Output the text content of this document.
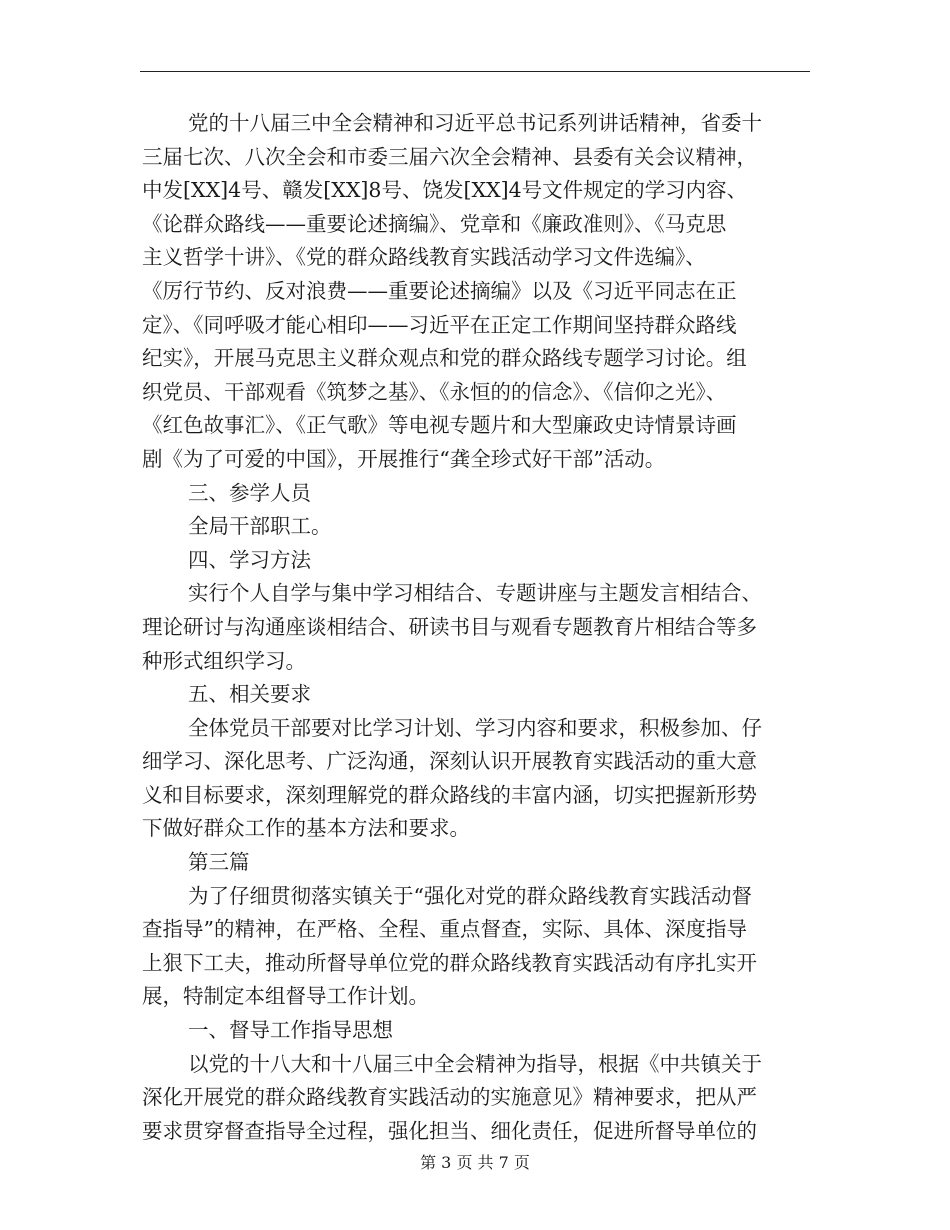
党的十八届三中全会精神和习近平总书记系列讲话精神，省委十
三届七次、八次全会和市委三届六次全会精神、县委有关会议精神，
中发[XX]4号、赣发[XX]8号、饶发[XX]4号文件规定的学习内容、
《论群众路线——重要论述摘编》、党章和《廉政准则》、《马克思
主义哲学十讲》、《党的群众路线教育实践活动学习文件选编》、
《厉行节约、反对浪费——重要论述摘编》以及《习近平同志在正
定》、《同呼吸才能心相印——习近平在正定工作期间坚持群众路线
纪实》，开展马克思主义群众观点和党的群众路线专题学习讨论。组
织党员、干部观看《筑梦之基》、《永恒的的信念》、《信仰之光》、
《红色故事汇》、《正气歌》等电视专题片和大型廉政史诗情景诗画
剧《为了可爱的中国》，开展推行“龚全珍式好干部”活动。
三、参学人员
全局干部职工。
四、学习方法
实行个人自学与集中学习相结合、专题讲座与主题发言相结合、
理论研讨与沟通座谈相结合、研读书目与观看专题教育片相结合等多
种形式组织学习。
五、相关要求
全体党员干部要对比学习计划、学习内容和要求，积极参加、仔
细学习、深化思考、广泛沟通，深刻认识开展教育实践活动的重大意
义和目标要求，深刻理解党的群众路线的丰富内涵，切实把握新形势
下做好群众工作的基本方法和要求。
第三篇
为了仔细贯彻落实镇关于“强化对党的群众路线教育实践活动督
查指导”的精神，在严格、全程、重点督查，实际、具体、深度指导
上狠下工夫，推动所督导单位党的群众路线教育实践活动有序扎实开
展，特制定本组督导工作计划。
一、督导工作指导思想
以党的十八大和十八届三中全会精神为指导，根据《中共镇关于
深化开展党的群众路线教育实践活动的实施意见》精神要求，把从严
要求贯穿督查指导全过程，强化担当、细化责任，促进所督导单位的
第 3 页 共 7 页
